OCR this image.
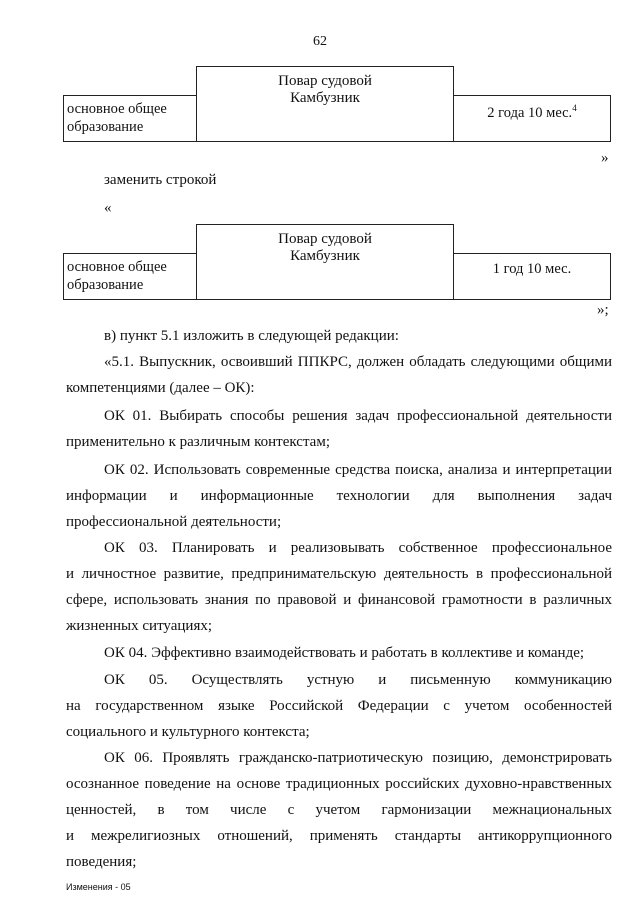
62
Повар судовой
Камбузник
основное общее
образование
2 года 10 мес.$^4$
»
заменить строкой
«
Повар судовой
Камбузник
основное общее
образование
1 год 10 мес.
»;
в) пункт 5.1 изложить в следующей редакции:
«5.1. Выпускник, освоивший ППКРС, должен обладать следующими общими
компетенциями (далее – ОК):
ОК 01. Выбирать способы решения задач профессиональной деятельности
применительно к различным контекстам;
ОК 02. Использовать современные средства поиска, анализа и интерпретации
информации и информационные технологии для выполнения задач
профессиональной деятельности;
ОК 03. Планировать и реализовывать собственное профессиональное
и личностное развитие, предпринимательскую деятельность в профессиональной
сфере, использовать знания по правовой и финансовой грамотности в различных
жизненных ситуациях;
ОК 04. Эффективно взаимодействовать и работать в коллективе и команде;
ОК 05. Осуществлять устную и письменную коммуникацию
на государственном языке Российской Федерации с учетом особенностей
социального и культурного контекста;
ОК 06. Проявлять гражданско-патриотическую позицию, демонстрировать
осознанное поведение на основе традиционных российских духовно-нравственных
ценностей, в том числе с учетом гармонизации межнациональных
и межрелигиозных отношений, применять стандарты антикоррупционного
поведения;
Изменения - 05
